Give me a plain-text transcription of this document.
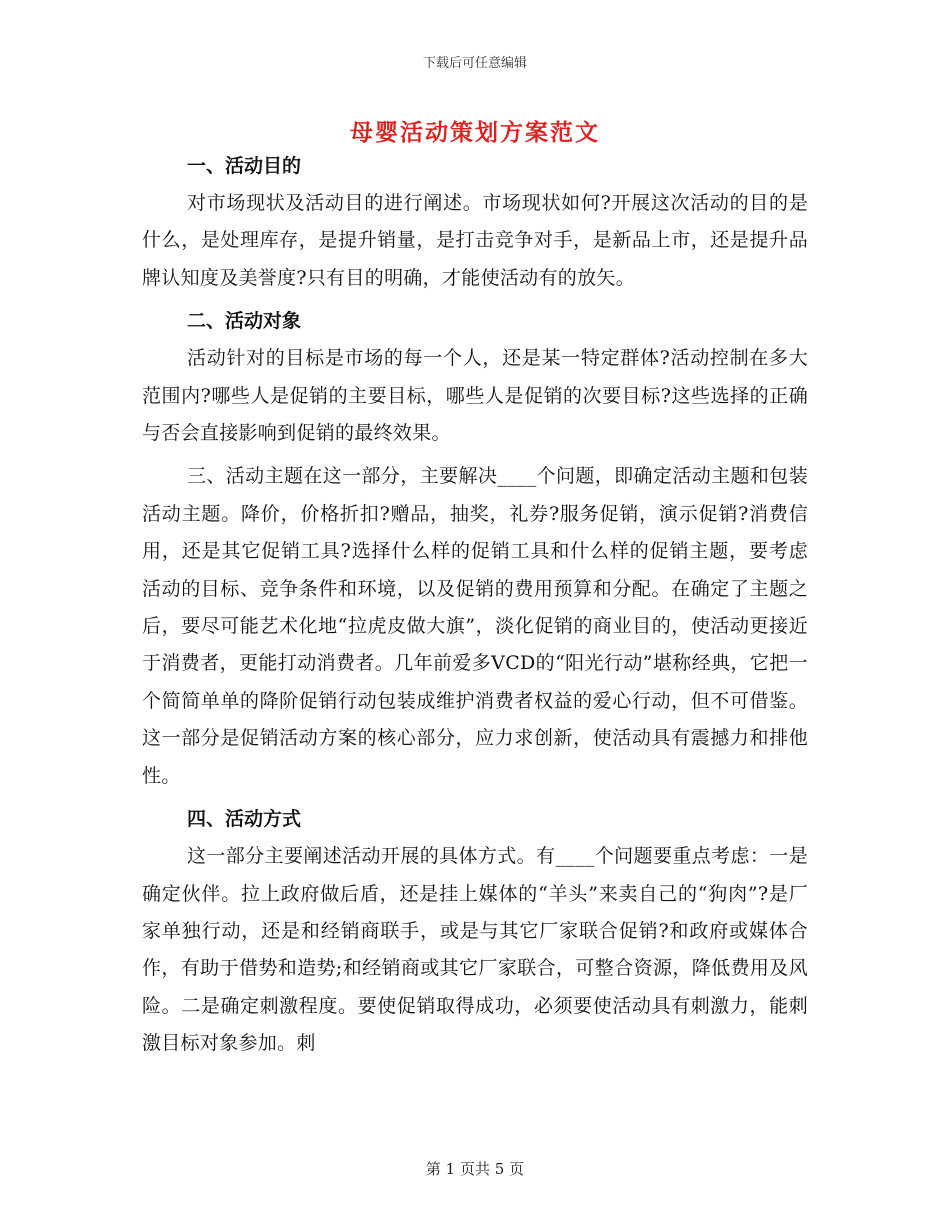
下载后可任意编辑
母婴活动策划方案范文

一、活动目的

对市场现状及活动目的进行阐述。市场现状如何?开展这次活动的目的是什么，是处理库存，是提升销量，是打击竞争对手，是新品上市，还是提升品牌认知度及美誉度?只有目的明确，才能使活动有的放矢。

二、活动对象

活动针对的目标是市场的每一个人，还是某一特定群体?活动控制在多大范围内?哪些人是促销的主要目标，哪些人是促销的次要目标?这些选择的正确与否会直接影响到促销的最终效果。

三、活动主题在这一部分，主要解决____个问题，即确定活动主题和包装活动主题。降价，价格折扣?赠品，抽奖，礼券?服务促销，演示促销?消费信用，还是其它促销工具?选择什么样的促销工具和什么样的促销主题，要考虑活动的目标、竞争条件和环境，以及促销的费用预算和分配。在确定了主题之后，要尽可能艺术化地“拉虎皮做大旗”，淡化促销的商业目的，使活动更接近于消费者，更能打动消费者。几年前爱多VCD的“阳光行动”堪称经典，它把一个简简单单的降阶促销行动包装成维护消费者权益的爱心行动，但不可借鉴。这一部分是促销活动方案的核心部分，应力求创新，使活动具有震撼力和排他性。

四、活动方式

这一部分主要阐述活动开展的具体方式。有____个问题要重点考虑：一是确定伙伴。拉上政府做后盾，还是挂上媒体的“羊头”来卖自己的“狗肉”?是厂家单独行动，还是和经销商联手，或是与其它厂家联合促销?和政府或媒体合作，有助于借势和造势;和经销商或其它厂家联合，可整合资源，降低费用及风险。二是确定刺激程度。要使促销取得成功，必须要使活动具有刺激力，能刺激目标对象参加。刺

第 1 页共 5 页
